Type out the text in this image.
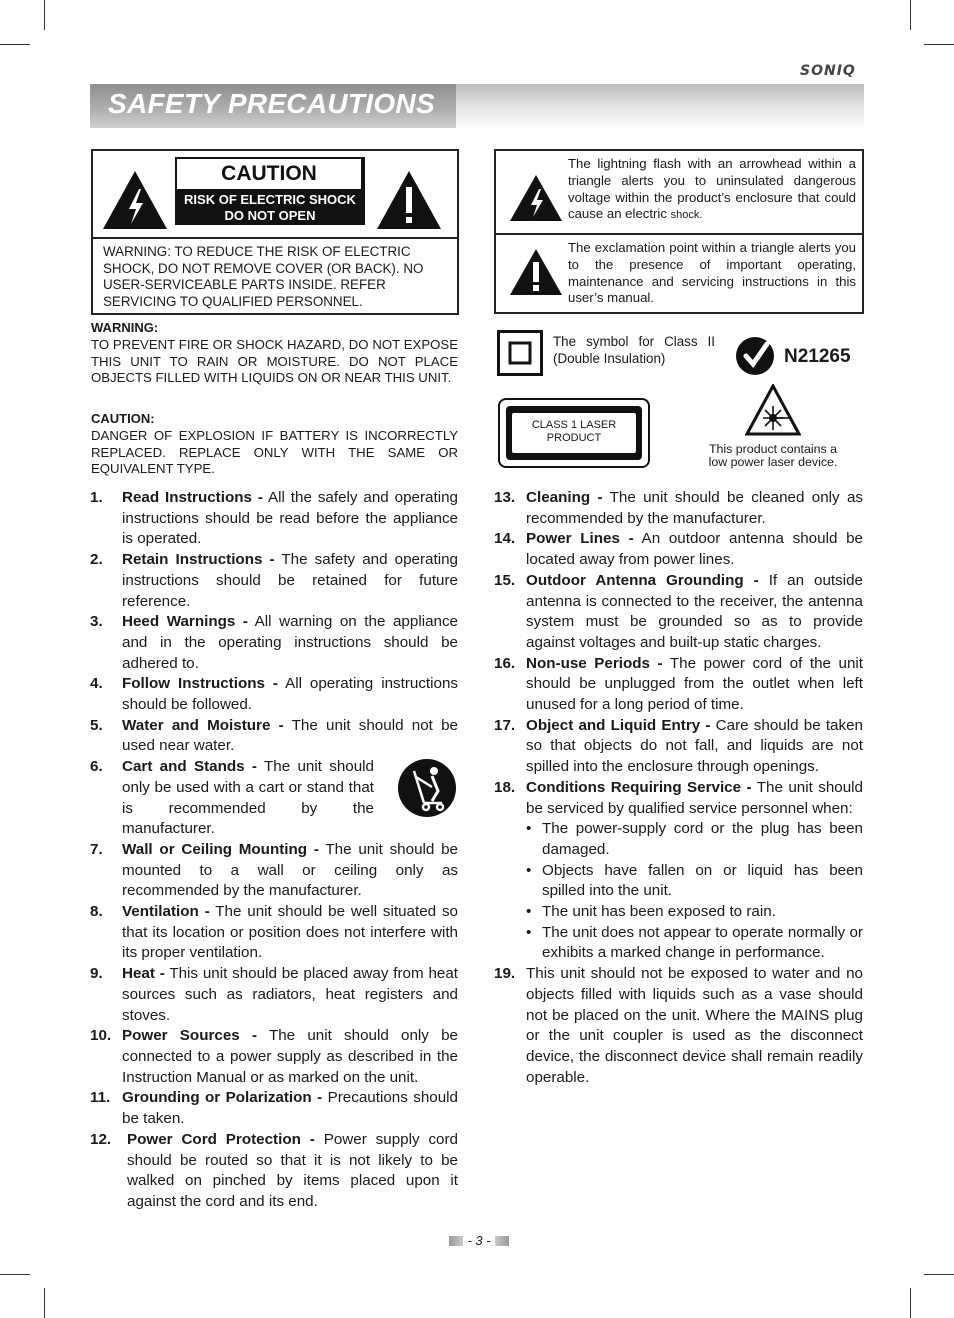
SONIQ
SAFETY PRECAUTIONS
CAUTION
RISK OF ELECTRIC SHOCK
DO NOT OPEN
WARNING: TO REDUCE THE RISK OF ELECTRIC SHOCK, DO NOT REMOVE COVER (OR BACK). NO USER-SERVICEABLE PARTS INSIDE. REFER SERVICING TO QUALIFIED PERSONNEL.
WARNING:
TO PREVENT FIRE OR SHOCK HAZARD, DO NOT EXPOSE THIS UNIT TO RAIN OR MOISTURE. DO NOT PLACE OBJECTS FILLED WITH LIQUIDS ON OR NEAR THIS UNIT.
CAUTION:
DANGER OF EXPLOSION IF BATTERY IS INCORRECTLY REPLACED. REPLACE ONLY WITH THE SAME OR EQUIVALENT TYPE.
1. Read Instructions - All the safely and operating instructions should be read before the appliance is operated.
2. Retain Instructions - The safety and operating instructions should be retained for future reference.
3. Heed Warnings - All warning on the appliance and in the operating instructions should be adhered to.
4. Follow Instructions - All operating instructions should be followed.
5. Water and Moisture - The unit should not be used near water.
6. Cart and Stands - The unit should only be used with a cart or stand that is recommended by the manufacturer.
7. Wall or Ceiling Mounting - The unit should be mounted to a wall or ceiling only as recommended by the manufacturer.
8. Ventilation - The unit should be well situated so that its location or position does not interfere with its proper ventilation.
9. Heat - This unit should be placed away from heat sources such as radiators, heat registers and stoves.
10. Power Sources - The unit should only be connected to a power supply as described in the Instruction Manual or as marked on the unit.
11. Grounding or Polarization - Precautions should be taken.
12. Power Cord Protection - Power supply cord should be routed so that it is not likely to be walked on pinched by items placed upon it against the cord and its end.
The lightning flash with an arrowhead within a triangle alerts you to uninsulated dangerous voltage within the product’s enclosure that could cause an electric shock.
The exclamation point within a triangle alerts you to the presence of important operating, maintenance and servicing instructions in this user’s manual.
The symbol for Class II (Double Insulation)	N21265
CLASS 1 LASER
PRODUCT
This product contains a
low power laser device.
13. Cleaning - The unit should be cleaned only as recommended by the manufacturer.
14. Power Lines - An outdoor antenna should be located away from power lines.
15. Outdoor Antenna Grounding - If an outside antenna is connected to the receiver, the antenna system must be grounded so as to provide against voltages and built-up static charges.
16. Non-use Periods - The power cord of the unit should be unplugged from the outlet when left unused for a long period of time.
17. Object and Liquid Entry - Care should be taken so that objects do not fall, and liquids are not spilled into the enclosure through openings.
18. Conditions Requiring Service - The unit should be serviced by qualified service personnel when:
• The power-supply cord or the plug has been damaged.
• Objects have fallen on or liquid has been spilled into the unit.
• The unit has been exposed to rain.
• The unit does not appear to operate normally or exhibits a marked change in performance.
19. This unit should not be exposed to water and no objects filled with liquids such as a vase should not be placed on the unit. Where the MAINS plug or the unit coupler is used as the disconnect device, the disconnect device shall remain readily operable.
- 3 -
